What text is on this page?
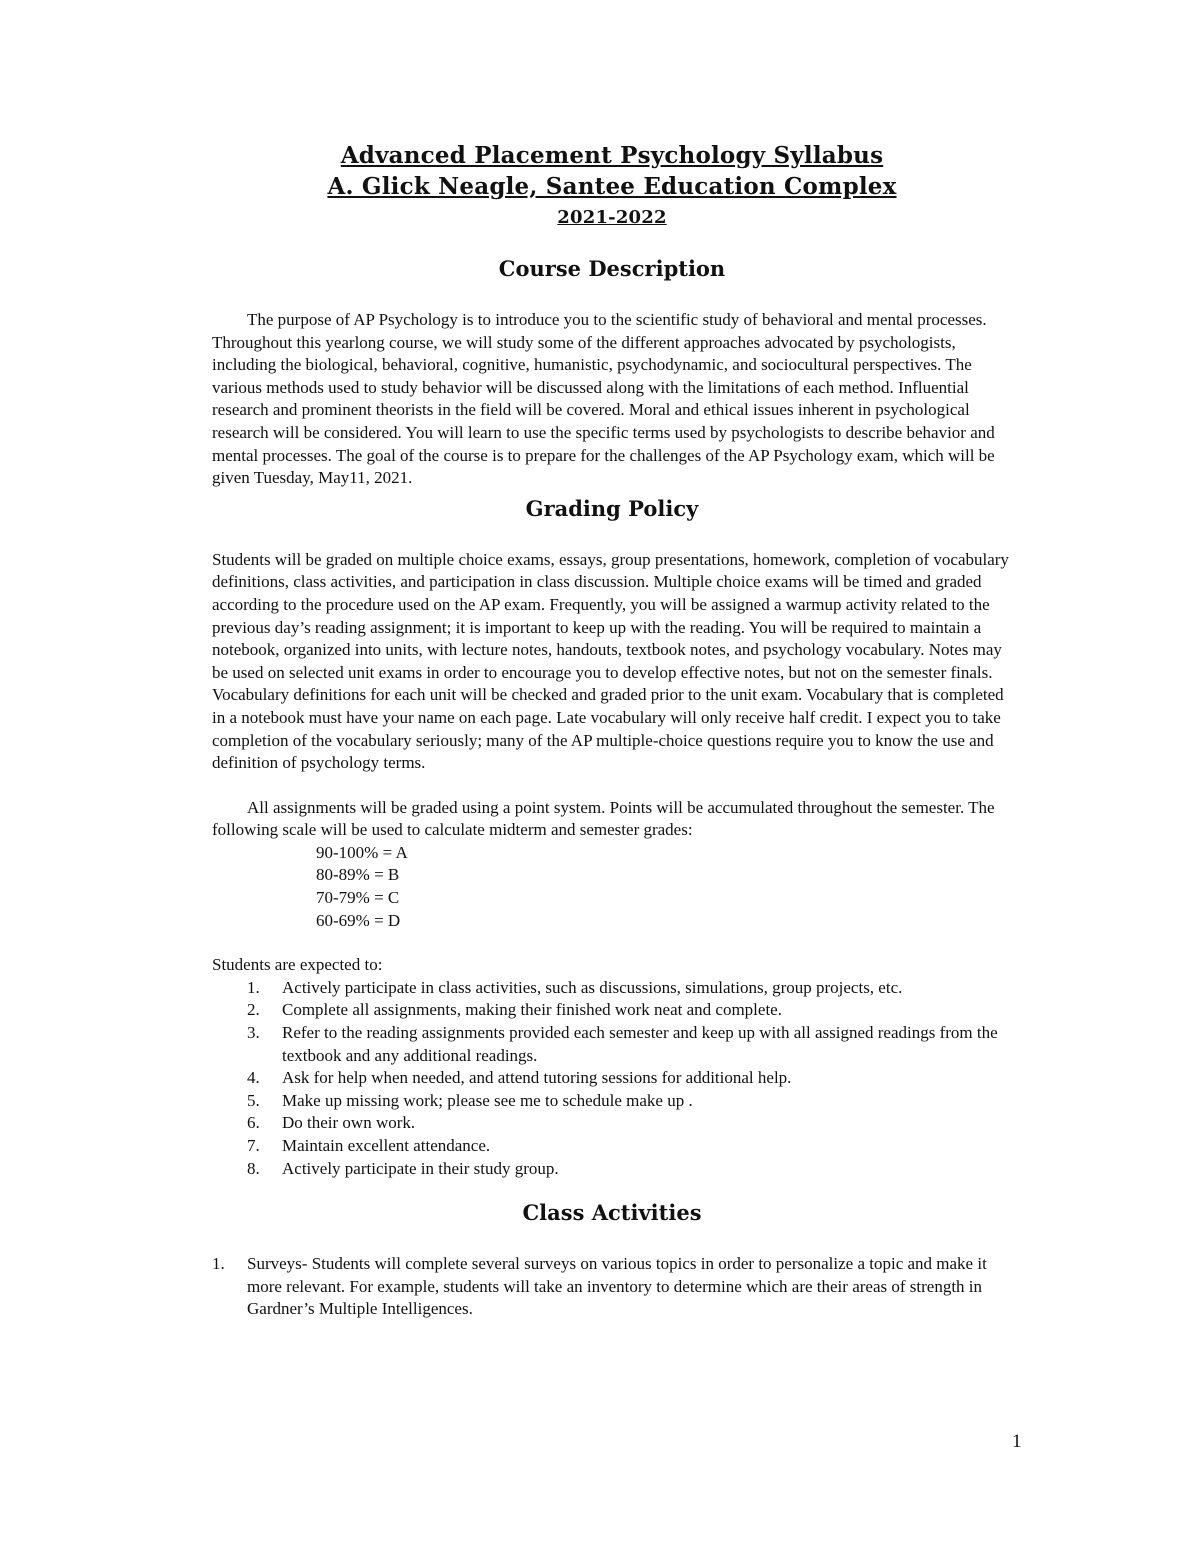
Advanced Placement Psychology Syllabus

A. Glick Neagle, Santee Education Complex

2021-2022

Course Description

The purpose of AP Psychology is to introduce you to the scientific study of behavioral and mental processes. Throughout this yearlong course, we will study some of the different approaches advocated by psychologists, including the biological, behavioral, cognitive, humanistic, psychodynamic, and sociocultural perspectives. The various methods used to study behavior will be discussed along with the limitations of each method. Influential research and prominent theorists in the field will be covered. Moral and ethical issues inherent in psychological research will be considered. You will learn to use the specific terms used by psychologists to describe behavior and mental processes. The goal of the course is to prepare for the challenges of the AP Psychology exam, which will be given Tuesday, May11, 2021.

Grading Policy

Students will be graded on multiple choice exams, essays, group presentations, homework, completion of vocabulary definitions, class activities, and participation in class discussion. Multiple choice exams will be timed and graded according to the procedure used on the AP exam. Frequently, you will be assigned a warmup activity related to the previous day’s reading assignment; it is important to keep up with the reading. You will be required to maintain a notebook, organized into units, with lecture notes, handouts, textbook notes, and psychology vocabulary. Notes may be used on selected unit exams in order to encourage you to develop effective notes, but not on the semester finals. Vocabulary definitions for each unit will be checked and graded prior to the unit exam. Vocabulary that is completed in a notebook must have your name on each page. Late vocabulary will only receive half credit. I expect you to take completion of the vocabulary seriously; many of the AP multiple-choice questions require you to know the use and definition of psychology terms.

All assignments will be graded using a point system. Points will be accumulated throughout the semester. The following scale will be used to calculate midterm and semester grades:

90-100% = A
80-89% = B
70-79% = C
60-69% = D

Students are expected to:

1. Actively participate in class activities, such as discussions, simulations, group projects, etc.
2. Complete all assignments, making their finished work neat and complete.
3. Refer to the reading assignments provided each semester and keep up with all assigned readings from the textbook and any additional readings.
4. Ask for help when needed, and attend tutoring sessions for additional help.
5. Make up missing work; please see me to schedule make up .
6. Do their own work.
7. Maintain excellent attendance.
8. Actively participate in their study group.
Class Activities
1. Surveys- Students will complete several surveys on various topics in order to personalize a topic and make it more relevant. For example, students will take an inventory to determine which are their areas of strength in Gardner’s Multiple Intelligences.
1
